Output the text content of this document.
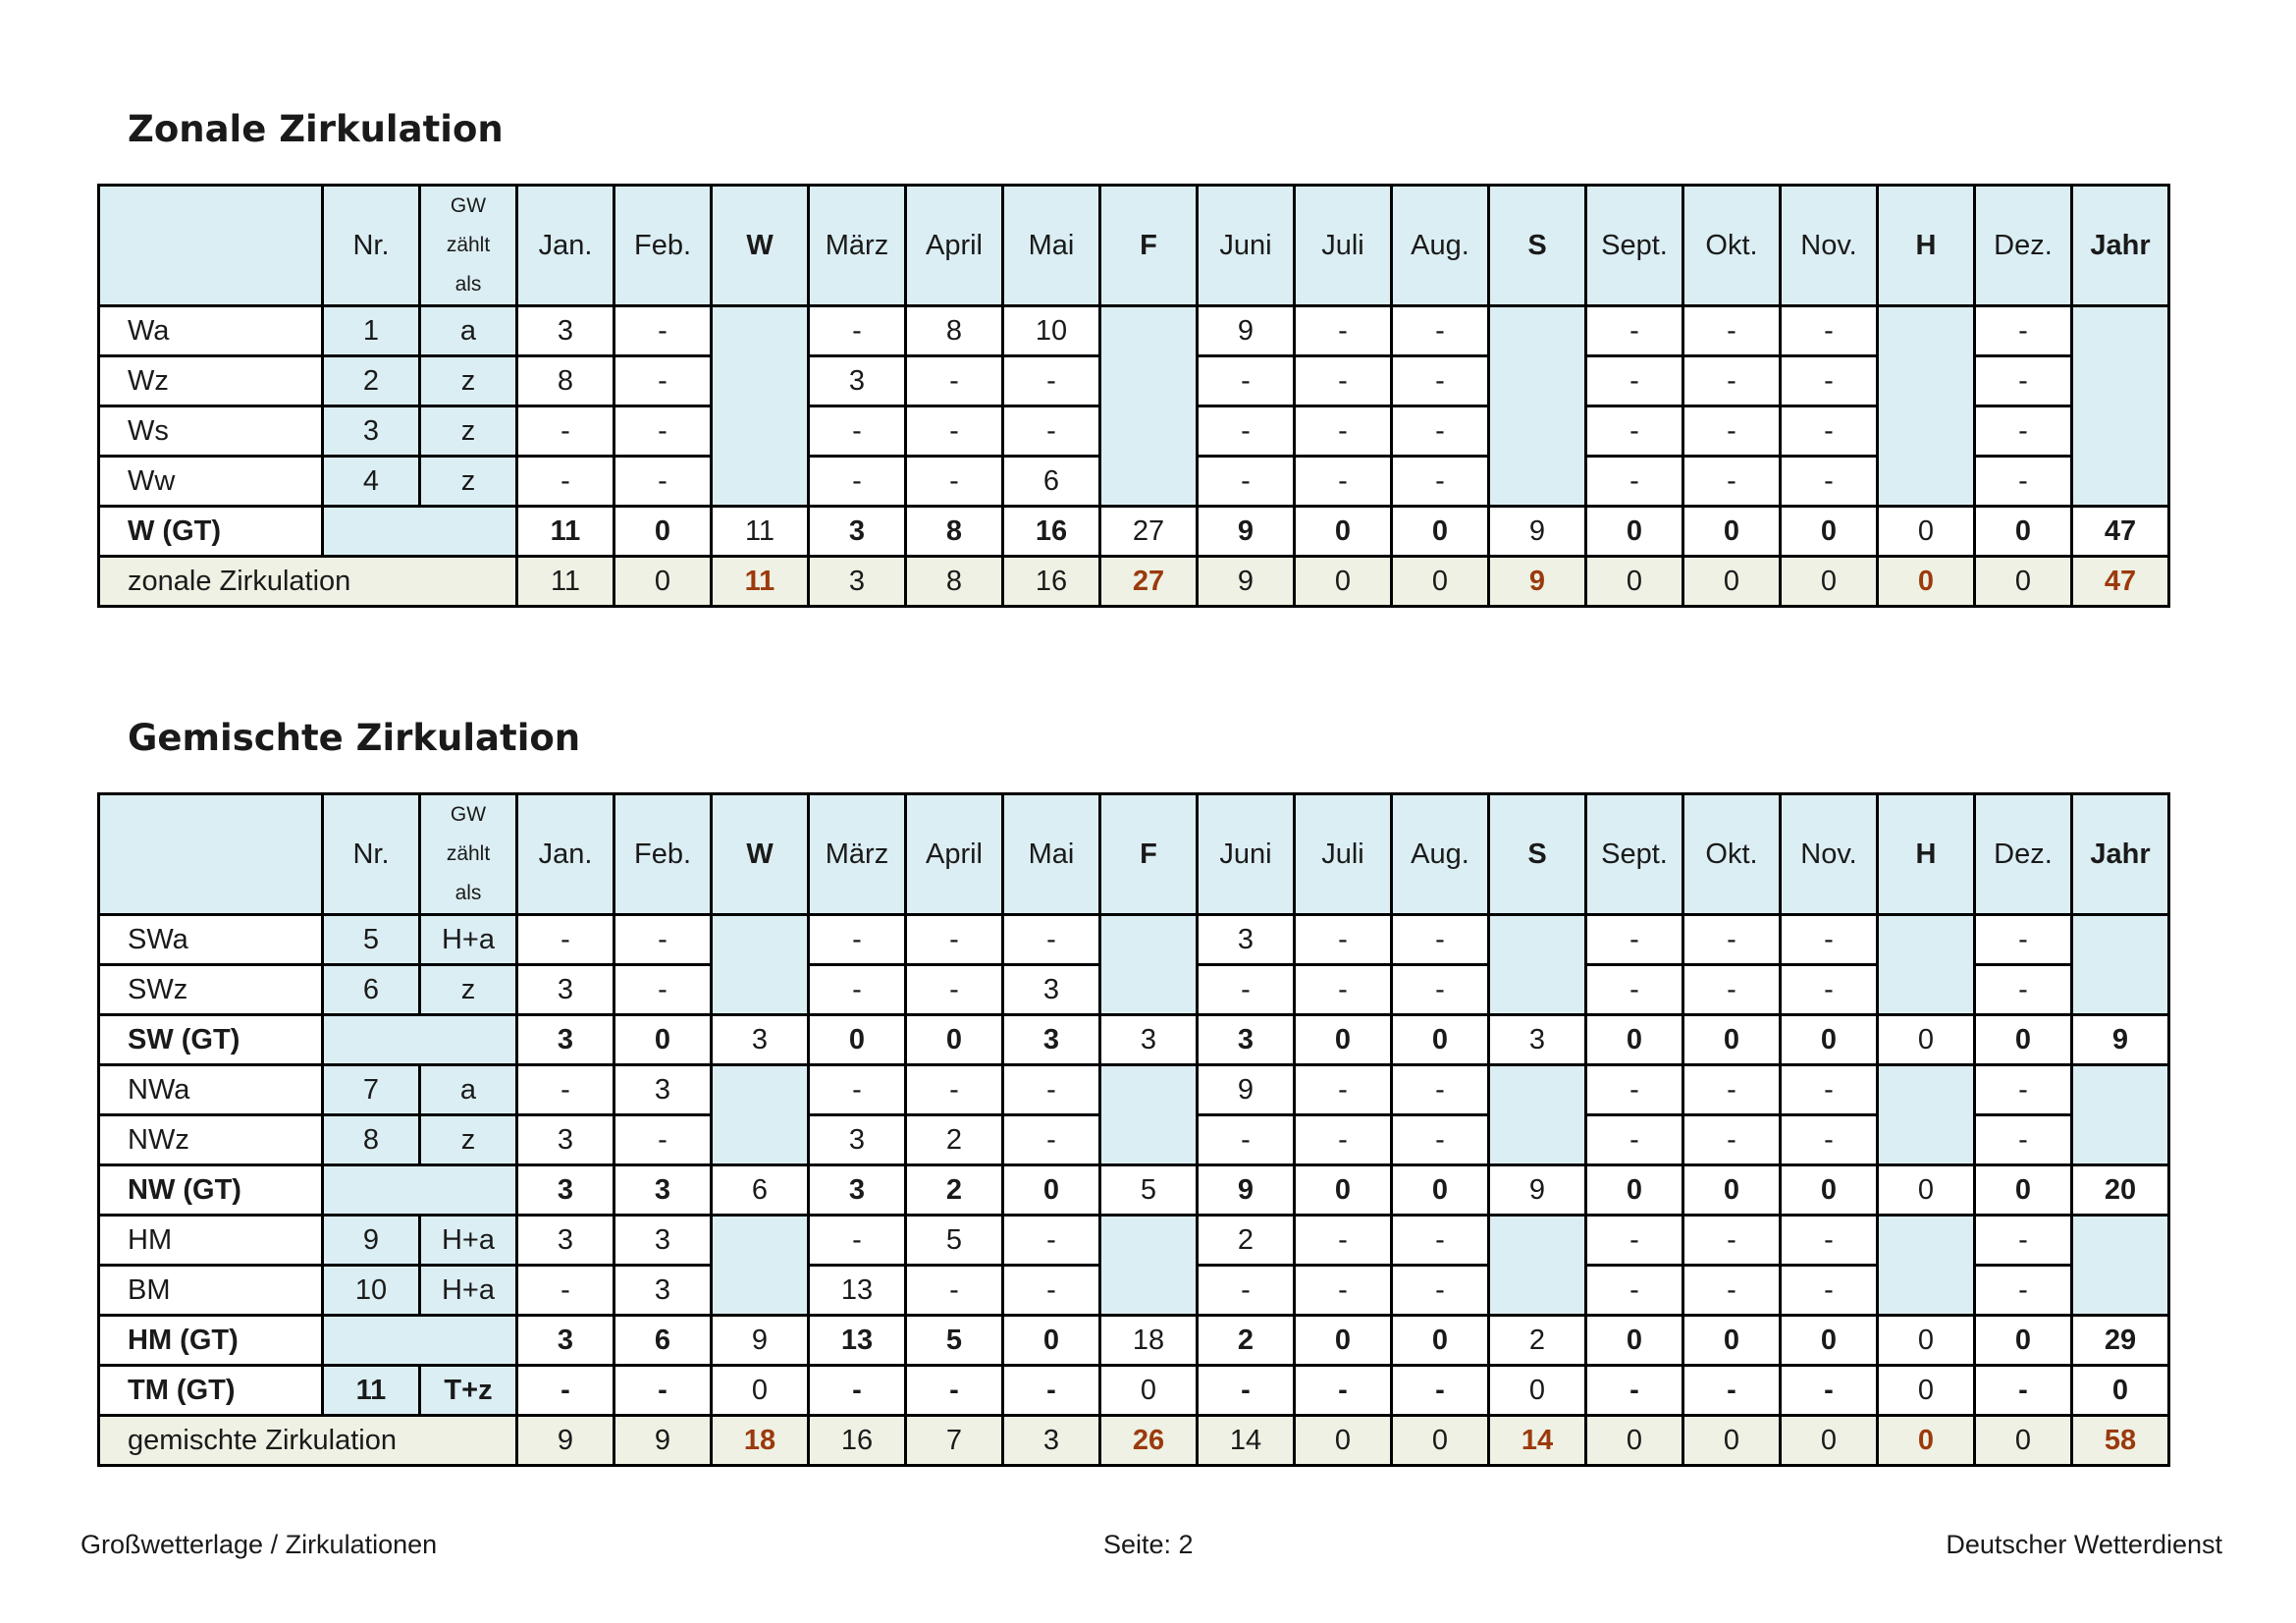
Zonale Zirkulation
	Nr.	GW
zählt
als	Jan.	Feb.	W	März	April	Mai	F	Juni	Juli	Aug.	S	Sept.	Okt.	Nov.	H	Dez.	Jahr
Wa	1	a	3	-		-	8	10		9	-	-		-	-	-		-	
Wz	2	z	8	-		3	-	-		-	-	-		-	-	-		-	
Ws	3	z	-	-		-	-	-		-	-	-		-	-	-		-	
Ww	4	z	-	-		-	-	6		-	-	-		-	-	-		-	
W (GT)			11	0	11	3	8	16	27	9	0	0	9	0	0	0	0	0	47
zonale Zirkulation			11	0	11	3	8	16	27	9	0	0	9	0	0	0	0	0	47
Gemischte Zirkulation
	Nr.	GW
zählt
als	Jan.	Feb.	W	März	April	Mai	F	Juni	Juli	Aug.	S	Sept.	Okt.	Nov.	H	Dez.	Jahr
SWa	5	H+a	-	-		-	-	-		3	-	-		-	-	-		-	
SWz	6	z	3	-		-	-	3		-	-	-		-	-	-		-	
SW (GT)			3	0	3	0	0	3	3	3	0	0	3	0	0	0	0	0	9
NWa	7	a	-	3		-	-	-		9	-	-		-	-	-		-	
NWz	8	z	3	-		3	2	-		-	-	-		-	-	-		-	
NW (GT)			3	3	6	3	2	0	5	9	0	0	9	0	0	0	0	0	20
HM	9	H+a	3	3		-	5	-		2	-	-		-	-	-		-	
BM	10	H+a	-	3		13	-	-		-	-	-		-	-	-		-	
HM (GT)			3	6	9	13	5	0	18	2	0	0	2	0	0	0	0	0	29
TM (GT)	11	T+z	-	-	0	-	-	-	0	-	-	-	0	-	-	-	0	-	0
gemischte Zirkulation			9	9	18	16	7	3	26	14	0	0	14	0	0	0	0	0	58

Großwetterlage / Zirkulationen	Seite: 2	Deutscher Wetterdienst
